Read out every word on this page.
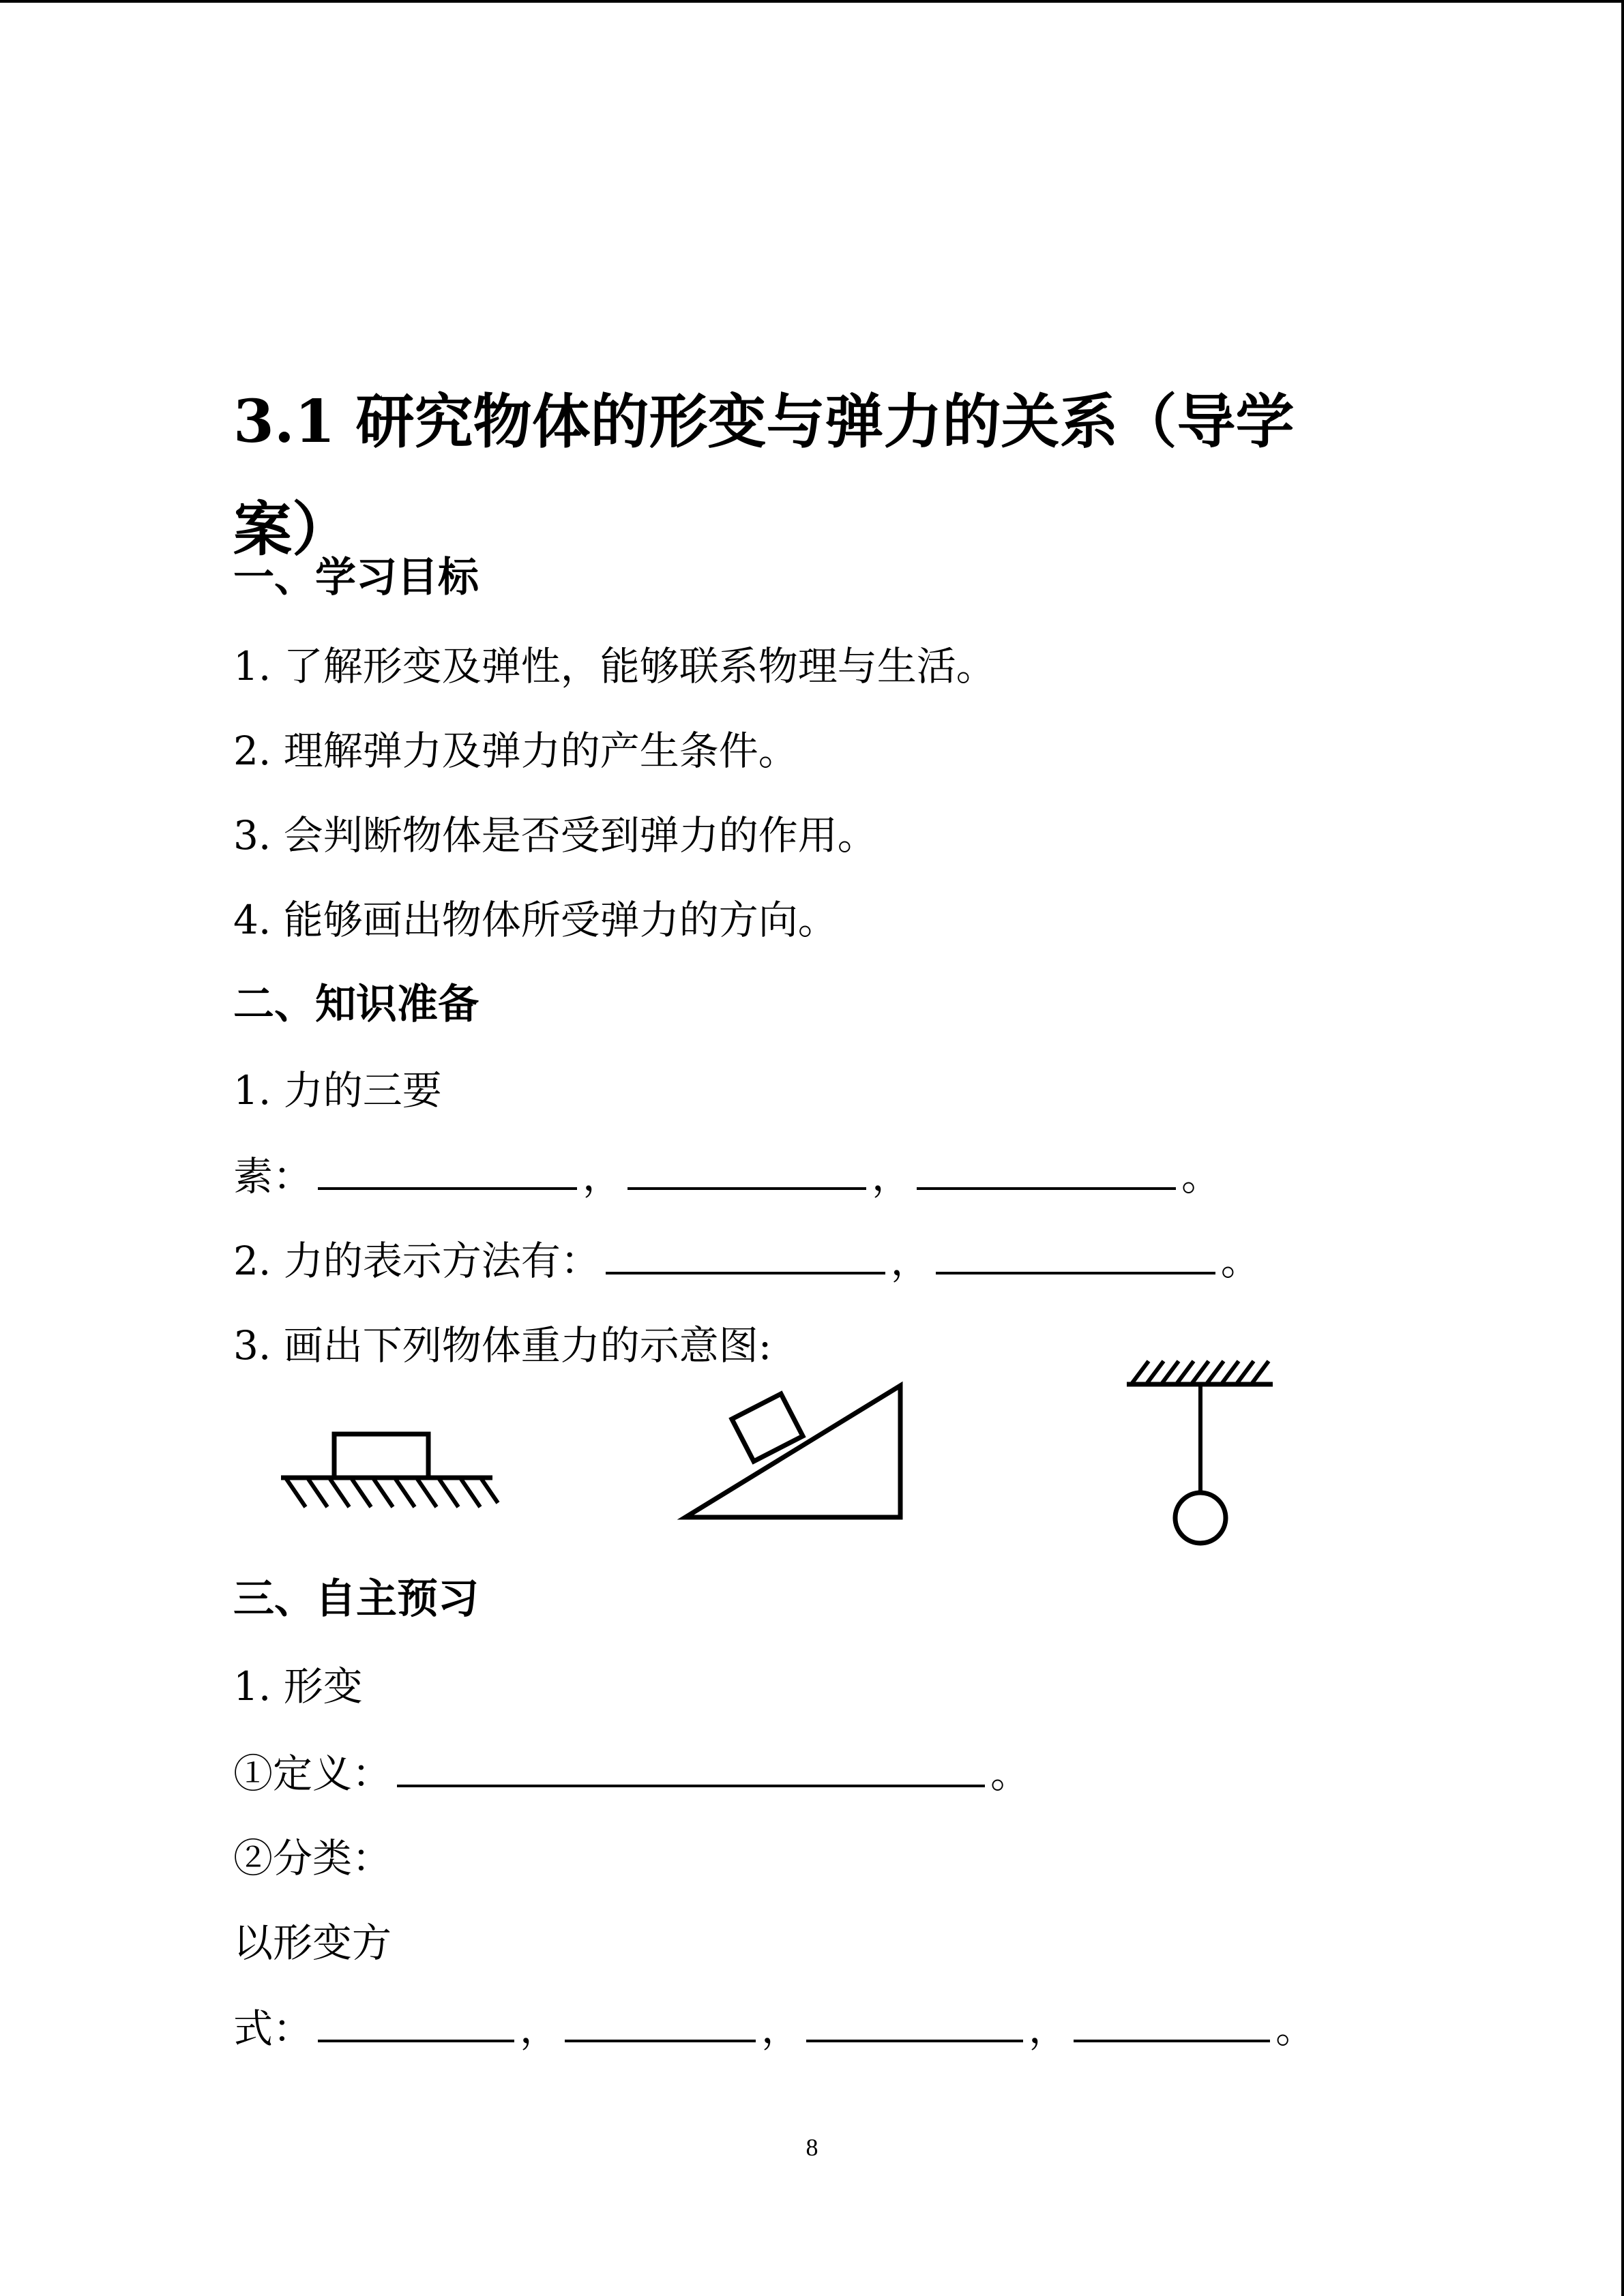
3.1 研究物体的形变与弹力的关系（导学
案）
一、学习目标
1. 了解形变及弹性，能够联系物理与生活。
2. 理解弹力及弹力的产生条件。
3. 会判断物体是否受到弹力的作用。
4. 能够画出物体所受弹力的方向。
二、知识准备
1. 力的三要
素：	，	，	。
2. 力的表示方法有：	，	。
3. 画出下列物体重力的示意图:
三、自主预习
1. 形变
①定义：	。
②分类：
以形变方
式：	，	，	，	。
8
